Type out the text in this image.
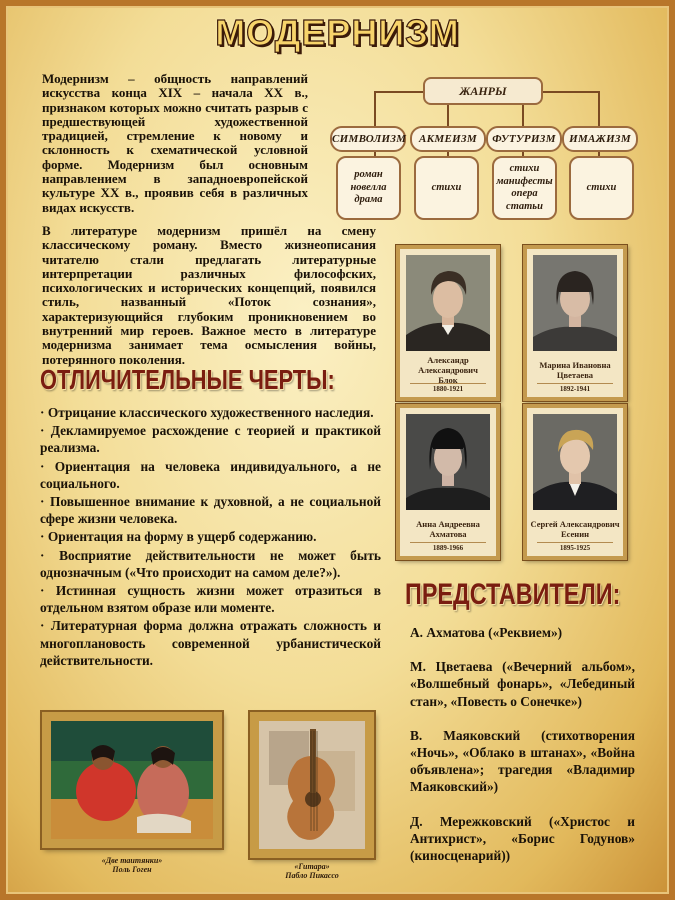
МОДЕРНИЗМ
Модернизм – общность направлений искусства конца XIX – начала XX в., признаком которых можно считать разрыв с предшествующей художественной традицией, стремление к новому и склонность к схематической условной форме. Модернизм был основным направлением в западноевропейской культуре XX в., проявив себя в различных видах искусств.
В литературе модернизм пришёл на смену классическому роману. Вместо жизнеописания читателю стали предлагать литературные интерпретации различных философских, психологических и исторических концепций, появился стиль, названный «Поток сознания», характеризующийся глубоким проникновением во внутренний мир героев. Важное место в литературе модернизма занимает тема осмысления войны, потерянного поколения.
ЖАНРЫ
СИМВОЛИЗМ	АКМЕИЗМ	ФУТУРИЗМ	ИМАЖИЗМ
роман
новелла
драма
стихи
стихи
манифесты
опера
статьи
стихи
Александр Александрович
Блок
1880-1921
Марина Ивановна
Цветаева
1892-1941
Анна Андреевна
Ахматова
1889-1966
Сергей Александрович
Есенин
1895-1925
ОТЛИЧИТЕЛЬНЫЕ ЧЕРТЫ:
· Отрицание классического художественного наследия.
· Декламируемое расхождение с теорией и практикой реализма.
· Ориентация на человека индивидуального, а не социального.
· Повышенное внимание к духовной, а не социальной сфере жизни человека.
· Ориентация на форму в ущерб содержанию.
· Восприятие действительности не может быть однозначным («Что происходит на самом деле?»).
· Истинная сущность жизни может отразиться в отдельном взятом образе или моменте.
· Литературная форма должна отражать сложность и многоплановость современной урбанистической действительности.
ПРЕДСТАВИТЕЛИ:

А. Ахматова («Реквием»)

М. Цветаева («Вечерний альбом», «Волшебный фонарь», «Лебединый стан», «Повесть о Сонечке»)

В. Маяковский (стихотворения «Ночь», «Облако в штанах», «Война объявлена»; трагедия «Владимир Маяковский»)

Д. Мережковский («Христос и Антихрист», «Борис Годунов» (киносценарий))

«Две таитянки»
Поль Гоген	«Гитара»
Пабло Пикассо
